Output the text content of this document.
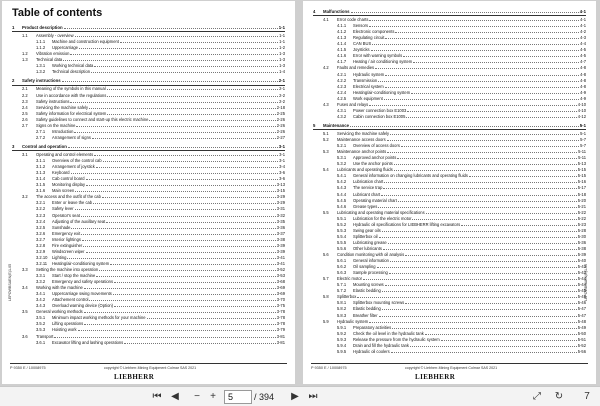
Table of contents
1	Product description	1-1
1.1	Assembly - overview	1-1
1.1.1	Machine and construction equipment	1-1
1.1.2	Uppercarriage	1-2
1.2	Vibration emission	1-3
1.3	Technical data	1-3
1.3.1	Working technical data	1-3
1.3.2	Technical description	1-4
2	Safety instructions	2-1
2.1	Meaning of the symbols in this manual	2-1
2.2	Use in accordance with the regulations	2-2
2.3	Safety instructions	2-2
2.4	Servicing the machine safely	2-18
2.5	Safety information for electrical system	2-25
2.6	Safety guidelines to connect and start-up this electric machine	2-26
2.7	Signs on the machine	2-26
2.7.1	Introduction	2-26
2.7.2	Arrangement of signs	2-27
3	Control and operation	3-1
3.1	Operating and control elements	3-1
3.1.1	Overview of the control cab	3-1
3.1.2	Arrangement of joystick	3-4
3.1.3	Keyboard	3-6
3.1.4	Cab control board	3-6
3.1.5	Monitoring display	3-13
3.1.6	Main screen	3-15
3.2	The access and the outfit of the cab	3-29
3.2.1	Enter or leave the cab	3-29
3.2.2	Safety lever	3-31
3.2.3	Operator's seat	3-32
3.2.4	Adjusting of the auxillary seat	3-35
3.2.5	Sunshade	3-36
3.2.6	Emergency exit	3-37
3.2.7	Interior lightings	3-38
3.2.8	Fire extinguisher	3-39
3.2.9	Windscreen wiper	3-39
3.2.10	Lighting	3-41
3.2.11	Heating/air-conditioning system	3-41
3.3	Setting the machine into operation	3-52
3.3.1	Start / stop the machine	3-53
3.3.2	Emergency and safety operations	3-68
3.4	Working with the machine	3-69
3.4.1	Uppercarriage swing movements	3-69
3.4.2	Attachement control	3-70
3.4.3	Overload warning device (Option)	3-75
3.5	General working methods	3-78
3.5.1	Minimum impact working methods for your machine	3-78
3.5.2	Lifting operations	3-78
3.5.3	Hoisting work	3-79
3.6	Transport	3-81
3.6.1	Excavator lifting and lashing operations	3-81
LEPOWBSAEN(E)1-05
P 9350 E / 10008975	copyright © Liebherr-Mining Equipment Colmar SAS 2021
LIEBHERR
4	Malfunctions	4-1
4.1	Error code charts	4-1
4.1.1	Sensors	4-1
4.1.2	Electronic components	4-2
4.1.3	Regulating circuit	4-3
4.1.4	CAN BUS	4-4
4.1.5	Joysticks	4-5
4.1.6	Error with warning symbols	4-5
4.1.7	Heating / air conditioning system	4-7
4.2	Faults and remedies	4-8
4.2.1	Hydraulic system	4-8
4.2.2	Transmission	4-8
4.2.3	Electrical system	4-8
4.2.4	Heating/air-conditioning system	4-9
4.2.5	Work equipment	4-9
4.3	Fuses and relays	4-10
4.3.1	Power connection box E1003	4-10
4.3.2	Cabin connection box E1005	4-12
5	Maintenance	5-1
5.1	Servicing the machine safely	5-1
5.2	Maintenance access doors	5-7
5.2.1	Overview of access doors	5-7
5.3	Maintenance anchor points	5-11
5.3.1	Approved anchor points	5-11
5.3.2	Use the anchor points	5-13
5.4	Lubricants and operating fluids	5-15
5.4.1	General information on changing lubricants and operating fluids	5-15
5.4.2	Lubrication chart	5-16
5.4.3	The service trap	5-17
5.4.4	Lubricant chart	5-18
5.4.5	Operating material chart	5-20
5.4.6	Grease types	5-21
5.5	Lubricating and operating material specifications	5-22
5.5.1	Lubrication for the electric motor	5-22
5.5.2	Hydraulic oil specifications for LIEBHERR lifting excavators	5-23
5.5.3	Swing gear oils	5-28
5.5.4	Splitterbox oil	5-30
5.5.5	Lubricating grease	5-36
5.5.6	Other lubricants	5-38
5.6	Condition monitoring with oil analysis	5-39
5.6.1	General information	5-40
5.6.2	Oil sampling	5-43
5.6.3	Sample processing	5-43
5.7	Electric motor	5-44
5.7.1	Mounting screws	5-44
5.7.2	Elastic bedding	5-45
5.8	Splitterbox	5-46
5.8.1	Splitterbox mounting screws	5-46
5.8.2	Elastic bedding	5-47
5.8.3	Breather filter	5-47
5.9	Hydraulic system	5-48
5.9.1	Preparatory activities	5-49
5.9.2	Check the oil level in the hydraulic tank	5-50
5.9.3	Release the pressure from the hydraulic system	5-51
5.9.4	Drain and fill the hydraulic tank	5-52
5.9.5	Hydraulic oil coolers	5-56
LEPOWBSAEN(E)1-05
P 9350 E / 10008975	copyright © Liebherr-Mining Equipment Colmar SAS 2021
LIEBHERR
⏮ ◀	−	+	5	/ 394	▶ ⏭	⤢	↻	7
